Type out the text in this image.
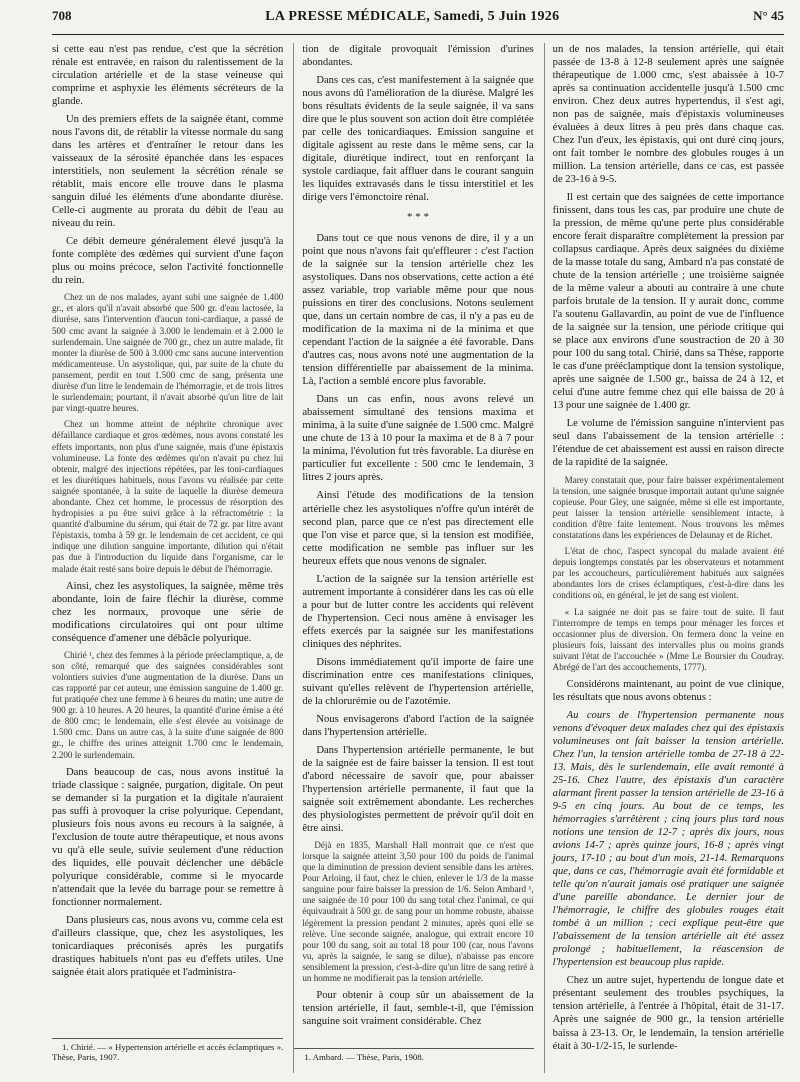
708	LA PRESSE MÉDICALE, Samedi, 5 Juin 1926	N° 45

si cette eau n'est pas rendue, c'est que la sécrétion rénale est entravée, en raison du ralentissement de la circulation artérielle et de la stase veineuse qui comprime et asphyxie les éléments sécréteurs de la glande.

Un des premiers effets de la saignée étant, comme nous l'avons dit, de rétablir la vitesse normale du sang dans les artères et d'entraîner le retour dans les vaisseaux de la sérosité épanchée dans les espaces interstitiels, non seulement la sécrétion rénale se rétablit, mais encore elle trouve dans le plasma sanguin dilué les éléments d'une abondante diurèse. Celle-ci augmente au prorata du débit de l'eau au niveau du rein.

Ce débit demeure généralement élevé jusqu'à la fonte complète des œdèmes qui survient d'une façon plus ou moins précoce, selon l'activité fonctionnelle du rein.

Chez un de nos malades, ayant subi une saignée de 1.400 gr., et alors qu'il n'avait absorbé que 500 gr. d'eau lactosée, la diurèse, sans l'intervention d'aucun toni-cardiaque, a passé de 500 cmc avant la saignée à 3.000 le lendemain et à 2.000 le surlendemain. Une saignée de 700 gr., chez un autre malade, fit monter la diurèse de 500 à 3.000 cmc sans aucune intervention médicamenteuse. Un asystolique, qui, par suite de la chute du pansement, perdit en tout 1.500 cmc de sang, présenta une diurèse d'un litre le lendemain de l'hémorragie, et de trois litres le surlendemain; pourtant, il n'avait absorbé qu'un litre de lait par vingt-quatre heures.

Chez un homme atteint de néphrite chronique avec défaillance cardiaque et gros œdèmes, nous avons constaté les effets importants, non plus d'une saignée, mais d'une épistaxis volumineuse. La fonte des œdèmes qu'on n'avait pu chez lui obtenir, malgré des injections répétées, par les toni-cardiaques et les diurétiques habituels, nous l'avons vu réalisée par cette saignée spontanée, à la suite de laquelle la diurèse demeura abondante. Chez cet homme, le processus de résorption des hydropisies a pu être suivi grâce à la réfractométrie : la quantité d'albumine du sérum, qui était de 72 gr. par litre avant l'épistaxis, tomba à 59 gr. le lendemain de cet accident, ce qui indique une dilution sanguine importante, dilution qui n'était pas due à l'introduction du liquide dans l'organisme, car le malade était resté sans boire depuis le début de l'hémorragie.

Ainsi, chez les asystoliques, la saignée, même très abondante, loin de faire fléchir la diurèse, comme chez les normaux, provoque une série de modifications circulatoires qui ont pour ultime conséquence d'amener une débâcle polyurique.

Chirié ¹, chez des femmes à la période préeclamptique, a, de son côté, remarqué que des saignées considérables sont volontiers suivies d'une augmentation de la diurèse. Dans un cas rapporté par cet auteur, une émission sanguine de 1.400 gr. fut pratiquée chez une femme à 6 heures du matin; une autre de 900 gr. à 10 heures. A 20 heures, la quantité d'urine émise a été de 800 cmc; le lendemain, elle s'est élevée au voisinage de 1.500 cmc. Dans un autre cas, à la suite d'une saignée de 800 gr., le chiffre des urines atteignit 1.700 cmc le lendemain, 2.200 le surlendemain.

Dans beaucoup de cas, nous avons institué la triade classique : saignée, purgation, digitale. On peut se demander si la purgation et la digitale n'auraient pas suffi à provoquer la crise polyurique. Cependant, plusieurs fois nous avons eu recours à la saignée, à l'exclusion de toute autre thérapeutique, et nous avons vu qu'à elle seule, suivie seulement d'une réduction des liquides, elle pouvait déclencher une débâcle polyurique considérable, comme si le myocarde n'attendait que la levée du barrage pour se remettre à fonctionner normalement.

Dans plusieurs cas, nous avons vu, comme cela est d'ailleurs classique, que, chez les asystoliques, les tonicardiaques préconisés après les purgatifs drastiques habituels n'ont pas eu d'effets utiles. Une saignée était alors pratiquée et l'administra-

1. Chirié. — « Hypertension artérielle et accès éclamptiques ». Thèse, Paris, 1907.

tion de digitale provoquait l'émission d'urines abondantes.

Dans ces cas, c'est manifestement à la saignée que nous avons dû l'amélioration de la diurèse. Malgré les bons résultats évidents de la seule saignée, il va sans dire que le plus souvent son action doit être complétée par celle des tonicardiaques. Emission sanguine et digitale agissent au reste dans le même sens, car la digitale, diurétique indirect, tout en renforçant la systole cardiaque, fait affluer dans le courant sanguin les liquides extravasés dans le tissu interstitiel et les dirige vers l'émonctoire rénal.

* * *

Dans tout ce que nous venons de dire, il y a un point que nous n'avons fait qu'effleurer : c'est l'action de la saignée sur la tension artérielle chez les asystoliques. Dans nos observations, cette action a été assez variable, trop variable même pour que nous puissions en tirer des conclusions. Notons seulement que, dans un certain nombre de cas, il n'y a pas eu de modification de la maxima ni de la minima et que cependant l'action de la saignée a été favorable. Dans d'autres cas, nous avons noté une augmentation de la tension différentielle par abaissement de la minima. Là, l'action a semblé encore plus favorable.

Dans un cas enfin, nous avons relevé un abaissement simultané des tensions maxima et minima, à la suite d'une saignée de 1.500 cmc. Malgré une chute de 13 à 10 pour la maxima et de 8 à 7 pour la minima, l'évolution fut très favorable. La diurèse en particulier fut excellente : 500 cmc le lendemain, 3 litres 2 jours après.

Ainsi l'étude des modifications de la tension artérielle chez les asystoliques n'offre qu'un intérêt de second plan, parce que ce n'est pas directement elle que l'on vise et parce que, si la tension est modifiée, cette modification ne semble pas influer sur les heureux effets que nous venons de signaler.

L'action de la saignée sur la tension artérielle est autrement importante à considérer dans les cas où elle a pour but de lutter contre les accidents qui relèvent de l'hypertension. Ceci nous amène à envisager les effets exercés par la saignée sur les manifestations cliniques des néphrites.

Disons immédiatement qu'il importe de faire une discrimination entre ces manifestations cliniques, suivant qu'elles relèvent de l'hypertension artérielle, de la chlorurémie ou de l'azotémie.

Nous envisagerons d'abord l'action de la saignée dans l'hypertension artérielle.

Dans l'hypertension artérielle permanente, le but de la saignée est de faire baisser la tension. Il est tout d'abord nécessaire de savoir que, pour abaisser l'hypertension artérielle permanente, il faut que la saignée soit extrêmement abondante. Les recherches des physiologistes permettent de prévoir qu'il doit en être ainsi.

Déjà en 1835, Marshall Hall montrait que ce n'est que lorsque la saignée atteint 3,50 pour 100 du poids de l'animal que la diminution de pression devient sensible dans les artères. Pour Arloing, il faut, chez le chien, enlever le 1/3 de la masse sanguine pour faire baisser la pression de 1/6. Selon Ambard ¹, une saignée de 10 pour 100 du sang total chez l'animal, ce qui équivaudrait à 500 gr. de sang pour un homme robuste, abaisse légèrement la pression pendant 2 minutes, après quoi elle se relève. Une seconde saignée, analogue, qui extrait encore 10 pour 100 du sang, soit au total 18 pour 100 (car, nous l'avons vu, après la saignée, le sang se dilue), n'abaisse pas encore sensiblement la pression, c'est-à-dire qu'un litre de sang retiré à un homme ne modifierait pas la tension artérielle.

Pour obtenir à coup sûr un abaissement de la tension artérielle, il faut, semble-t-il, que l'émission sanguine soit vraiment considérable. Chez

1. Ambard. — Thèse, Paris, 1908.

un de nos malades, la tension artérielle, qui était passée de 13-8 à 12-8 seulement après une saignée thérapeutique de 1.000 cmc, s'est abaissée à 10-7 après sa continuation accidentelle jusqu'à 1.500 cmc environ. Chez deux autres hypertendus, il s'est agi, non pas de saignée, mais d'épistaxis volumineuses évaluées à deux litres à peu près dans chaque cas. Chez l'un d'eux, les épistaxis, qui ont duré cinq jours, ont fait tomber le nombre des globules rouges à un million. La tension artérielle, dans ce cas, est passée de 23-16 à 9-5.

Il est certain que des saignées de cette importance finissent, dans tous les cas, par produire une chute de la pression, de même qu'une perte plus considérable encore ferait disparaître complètement la pression par collapsus cardiaque. Après deux saignées du dixième de la masse totale du sang, Ambard n'a pas constaté de chute de la tension artérielle ; une troisième saignée de la même valeur a abouti au contraire à une chute parfois brutale de la tension. Il y aurait donc, comme l'a soutenu Gallavardin, au point de vue de l'influence de la saignée sur la tension, une période critique qui se place aux environs d'une soustraction de 20 à 30 pour 100 du sang total. Chirié, dans sa Thèse, rapporte le cas d'une prééclamptique dont la tension systolique, après une saignée de 1.500 gr., baissa de 24 à 12, et celui d'une autre femme chez qui elle baissa de 20 à 13 pour une saignée de 1.400 gr.

Le volume de l'émission sanguine n'intervient pas seul dans l'abaissement de la tension artérielle : l'étendue de cet abaissement est aussi en raison directe de la rapidité de la saignée.

Marey constatait que, pour faire baisser expérimentalement la tension, une saignée brusque importait autant qu'une saignée copieuse. Pour Gley, une saignée, même si elle est importante, peut laisser la tension artérielle sensiblement intacte, à condition d'être faite lentement. Nous trouvons les mêmes constatations dans les expériences de Delaunay et de Richet.

L'état de choc, l'aspect syncopal du malade avaient été depuis longtemps constatés par les observateurs et notamment par les accoucheurs, particulièrement habitués aux saignées abondantes lors de crises éclamptiques, c'est-à-dire dans les conditions où, en général, le jet de sang est violent.

« La saignée ne doit pas se faire tout de suite. Il faut l'interrompre de temps en temps pour ménager les forces et occasionner plus de diversion. On fermera donc la veine en plusieurs fois, laissant des intervalles plus ou moins grands suivant l'état de l'accouchée » (Mme Le Boursier du Coudray. Abrégé de l'art des accouchements, 1777).

Considérons maintenant, au point de vue clinique, les résultats que nous avons obtenus :

Au cours de l'hypertension permanente nous venons d'évoquer deux malades chez qui des épistaxis volumineuses ont fait baisser la tension artérielle. Chez l'un, la tension artérielle tomba de 27-18 à 22-13. Mais, dès le surlendemain, elle avait remonté à 25-16. Chez l'autre, des épistaxis d'un caractère alarmant firent passer la tension artérielle de 23-16 à 9-5 en cinq jours. Au bout de ce temps, les hémorragies s'arrêtèrent ; cinq jours plus tard nous notions une tension de 12-7 ; après dix jours, nous avions 14-7 ; après quinze jours, 16-8 ; après vingt jours, 17-10 ; au bout d'un mois, 21-14. Remarquons que, dans ce cas, l'hémorragie avait été formidable et telle qu'on n'aurait jamais osé pratiquer une saignée d'une pareille abondance. Le dernier jour de l'hémorragie, le chiffre des globules rouges était tombé à un million ; ceci explique peut-être que l'abaissement de la tension artérielle ait été assez prolongé ; habituellement, la réascension de l'hypertension est beaucoup plus rapide.

Chez un autre sujet, hypertendu de longue date et présentant seulement des troubles psychiques, la tension artérielle, à l'entrée à l'hôpital, était de 31-17. Après une saignée de 900 gr., la tension artérielle baissa à 23-13. Or, le lendemain, la tension artérielle était à 30-1/2-15, le surlende-
